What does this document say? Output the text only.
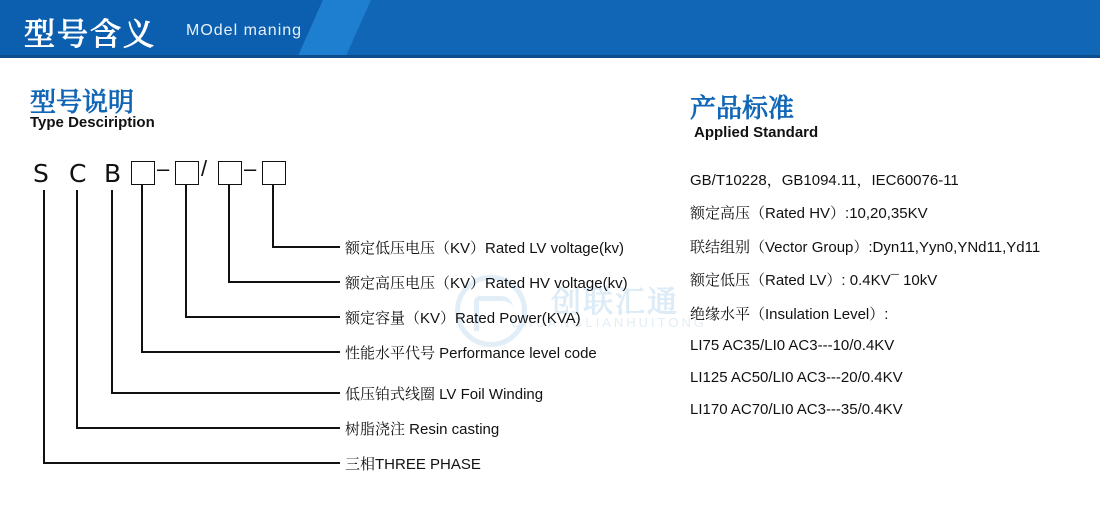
型号含义 MOdel maning
创联汇通
CHUANGLIANHUITONG
型号说明
Type Desciription
S C B – / –
额定低压电压（KV）Rated LV voltage(kv)
额定高压电压（KV）Rated HV voltage(kv)
额定容量（KV）Rated Power(KVA)
性能水平代号 Performance level code
低压铂式线圈 LV Foil Winding
树脂浇注 Resin casting
三相THREE PHASE
产品标准
Applied Standard
GB/T10228，GB1094.11，IEC60076-11
额定高压（Rated HV）:10,20,35KV
联结组别（Vector Group）:Dyn11,Yyn0,YNd11,Yd11
额定低压（Rated LV）: 0.4KV¯ 10kV
绝缘水平（Insulation Level）:
LI75 AC35/LI0 AC3---10/0.4KV
LI125 AC50/LI0 AC3---20/0.4KV
LI170 AC70/LI0 AC3---35/0.4KV
